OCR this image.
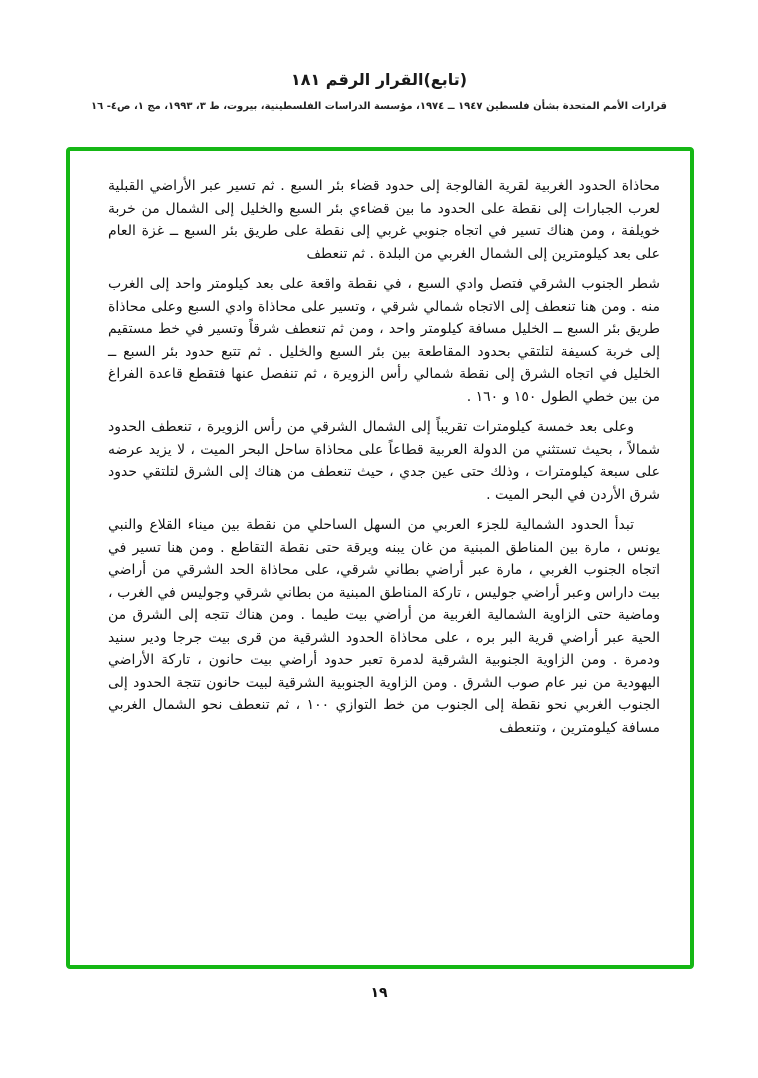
(تابع)القرار الرقم ١٨١
قرارات الأمم المتحدة بشأن فلسطين ١٩٤٧ ــ ١٩٧٤، مؤسسة الدراسات الفلسطينية، بيروت، ط ٣، ١٩٩٣، مج ١، ص٤- ١٦

محاذاة الحدود الغربية لقرية الفالوجة إلى حدود قضاء بئر السبع . ثم تسير عبر الأراضي القبلية لعرب الجبارات إلى نقطة على الحدود ما بين قضاءي بئر السبع والخليل إلى الشمال من خربة خويلفة ، ومن هناك تسير في اتجاه جنوبي غربي إلى نقطة على طريق بئر السبع ــ غزة العام على بعد كيلومترين إلى الشمال الغربي من البلدة . ثم تنعطف

شطر الجنوب الشرقي فتصل وادي السبع ، في نقطة واقعة على بعد كيلومتر واحد إلى الغرب منه . ومن هنا تنعطف إلى الاتجاه شمالي شرقي ، وتسير على محاذاة وادي السبع وعلى محاذاة طريق بئر السبع ــ الخليل مسافة كيلومتر واحد ، ومن ثم تنعطف شرقاً وتسير في خط مستقيم إلى خربة كسيفة لتلتقي بحدود المقاطعة بين بئر السبع والخليل . ثم تتبع حدود بئر السبع ــ الخليل في اتجاه الشرق إلى نقطة شمالي رأس الزويرة ، ثم تنفصل عنها فتقطع قاعدة الفراغ من بين خطي الطول ١٥٠ و ١٦٠ .

وعلى بعد خمسة كيلومترات تقريباً إلى الشمال الشرقي من رأس الزويرة ، تنعطف الحدود شمالاً ، بحيث تستثني من الدولة العربية قطاعاً على محاذاة ساحل البحر الميت ، لا يزيد عرضه على سبعة كيلومترات ، وذلك حتى عين جدي ، حيث تنعطف من هناك إلى الشرق لتلتقي حدود شرق الأردن في البحر الميت .

تبدأ الحدود الشمالية للجزء العربي من السهل الساحلي من نقطة بين ميناء القلاع والنبي يونس ، مارة بين المناطق المبنية من غان يبنه ويرقة حتى نقطة التقاطع . ومن هنا تسير في اتجاه الجنوب الغربي ، مارة عبر أراضي بطاني شرقي، على محاذاة الحد الشرقي من أراضي بيت داراس وعبر أراضي جوليس ، تاركة المناطق المبنية من بطاني شرقي وجوليس في الغرب ، وماضية حتى الزاوية الشمالية الغربية من أراضي بيت طيما . ومن هناك تتجه إلى الشرق من الحية عبر أراضي قرية البر بره ، على محاذاة الحدود الشرقية من قرى بيت جرجا ودير سنيد ودمرة . ومن الزاوية الجنوبية الشرقية لدمرة تعبر حدود أراضي بيت حانون ، تاركة الأراضي اليهودية من نير عام صوب الشرق . ومن الزاوية الجنوبية الشرقية لبيت حانون تتجة الحدود إلى الجنوب الغربي نحو نقطة إلى الجنوب من خط التوازي ١٠٠ ، ثم تنعطف نحو الشمال الغربي مسافة كيلومترين ، وتنعطف

١٩
